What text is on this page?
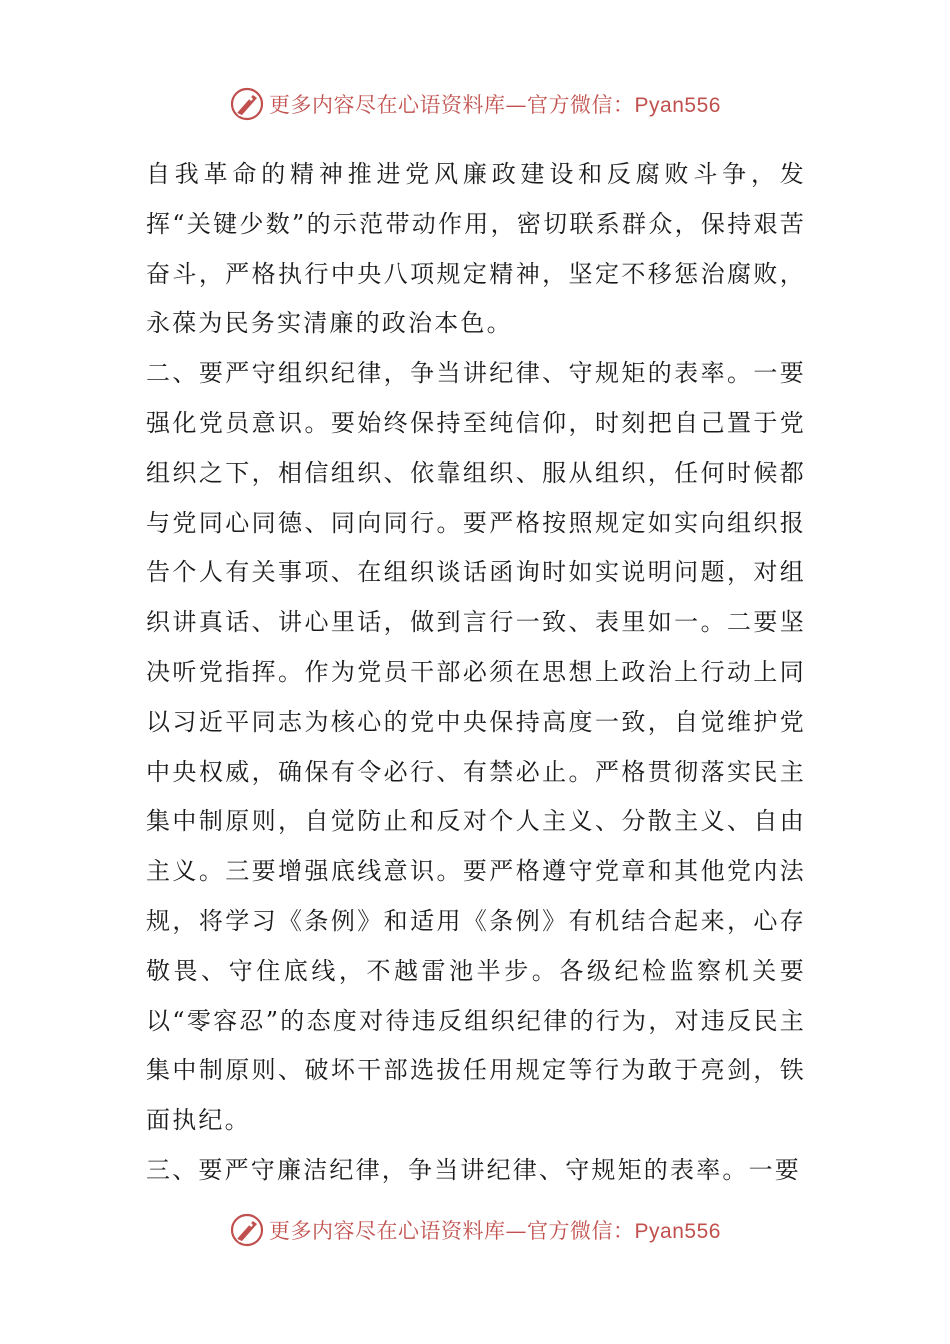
更多内容尽在心语资料库—官方微信：Pyan556

自我革命的精神推进党风廉政建设和反腐败斗争，发挥“关键少数”的示范带动作用，密切联系群众，保持艰苦奋斗，严格执行中央八项规定精神，坚定不移惩治腐败，永葆为民务实清廉的政治本色。

二、要严守组织纪律，争当讲纪律、守规矩的表率。一要强化党员意识。要始终保持至纯信仰，时刻把自己置于党组织之下，相信组织、依靠组织、服从组织，任何时候都与党同心同德、同向同行。要严格按照规定如实向组织报告个人有关事项、在组织谈话函询时如实说明问题，对组织讲真话、讲心里话，做到言行一致、表里如一。二要坚决听党指挥。作为党员干部必须在思想上政治上行动上同以习近平同志为核心的党中央保持高度一致，自觉维护党中央权威，确保有令必行、有禁必止。严格贯彻落实民主集中制原则，自觉防止和反对个人主义、分散主义、自由主义。三要增强底线意识。要严格遵守党章和其他党内法规，将学习《条例》和适用《条例》有机结合起来，心存敬畏、守住底线，不越雷池半步。各级纪检监察机关要以“零容忍”的态度对待违反组织纪律的行为，对违反民主集中制原则、破坏干部选拔任用规定等行为敢于亮剑，铁面执纪。

三、要严守廉洁纪律，争当讲纪律、守规矩的表率。一要

更多内容尽在心语资料库—官方微信：Pyan556
